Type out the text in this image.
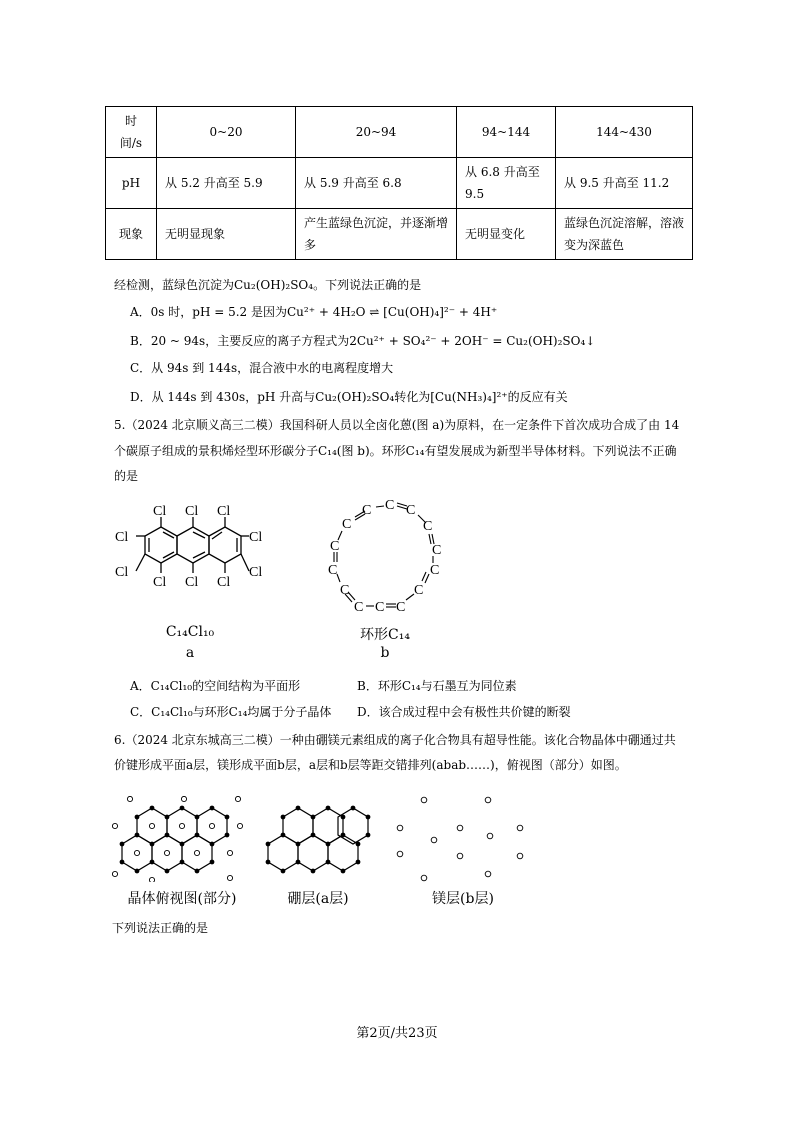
时间/s	0~20	20~94	94~144	144~430
pH	从 5.2 升高至 5.9	从 5.9 升高至 6.8	从 6.8 升高至 9.5	从 9.5 升高至 11.2
现象	无明显现象	产生蓝绿色沉淀，并逐渐增多	无明显变化	蓝绿色沉淀溶解，溶液变为深蓝色
经检测，蓝绿色沉淀为Cu₂(OH)₂SO₄。下列说法正确的是
A．0s 时，pH = 5.2 是因为Cu²⁺ + 4H₂O ⇌ [Cu(OH)₄]²⁻ + 4H⁺
B．20 ~ 94s，主要反应的离子方程式为2Cu²⁺ + SO₄²⁻ + 2OH⁻ = Cu₂(OH)₂SO₄↓
C．从 94s 到 144s，混合液中水的电离程度增大
D．从 144s 到 430s，pH 升高与Cu₂(OH)₂SO₄转化为[Cu(NH₃)₄]²⁺的反应有关
5.（2024 北京顺义高三二模）我国科研人员以全卤化蒽(图 a)为原料，在一定条件下首次成功合成了由 14
个碳原子组成的景积烯烃型环形碳分子C₁₄(图 b)。环形C₁₄有望发展成为新型半导体材料。下列说法不正确
的是
Cl Cl Cl
Cl	Cl
Cl	Cl
Cl Cl Cl
C₁₄Cl₁₀
a
C
C C C
C
C
C
C
C
C
C
C
C
C
环形C₁₄
b
A．C₁₄Cl₁₀的空间结构为平面形	B．环形C₁₄与石墨互为同位素
C．C₁₄Cl₁₀与环形C₁₄均属于分子晶体 D．该合成过程中会有极性共价键的断裂
6.（2024 北京东城高三二模）一种由硼镁元素组成的离子化合物具有超导性能。该化合物晶体中硼通过共
价键形成平面a层，镁形成平面b层，a层和b层等距交错排列(abab……)，俯视图（部分）如图。
晶体俯视图(部分)	硼层(a层)	镁层(b层)
下列说法正确的是
第2页/共23页
